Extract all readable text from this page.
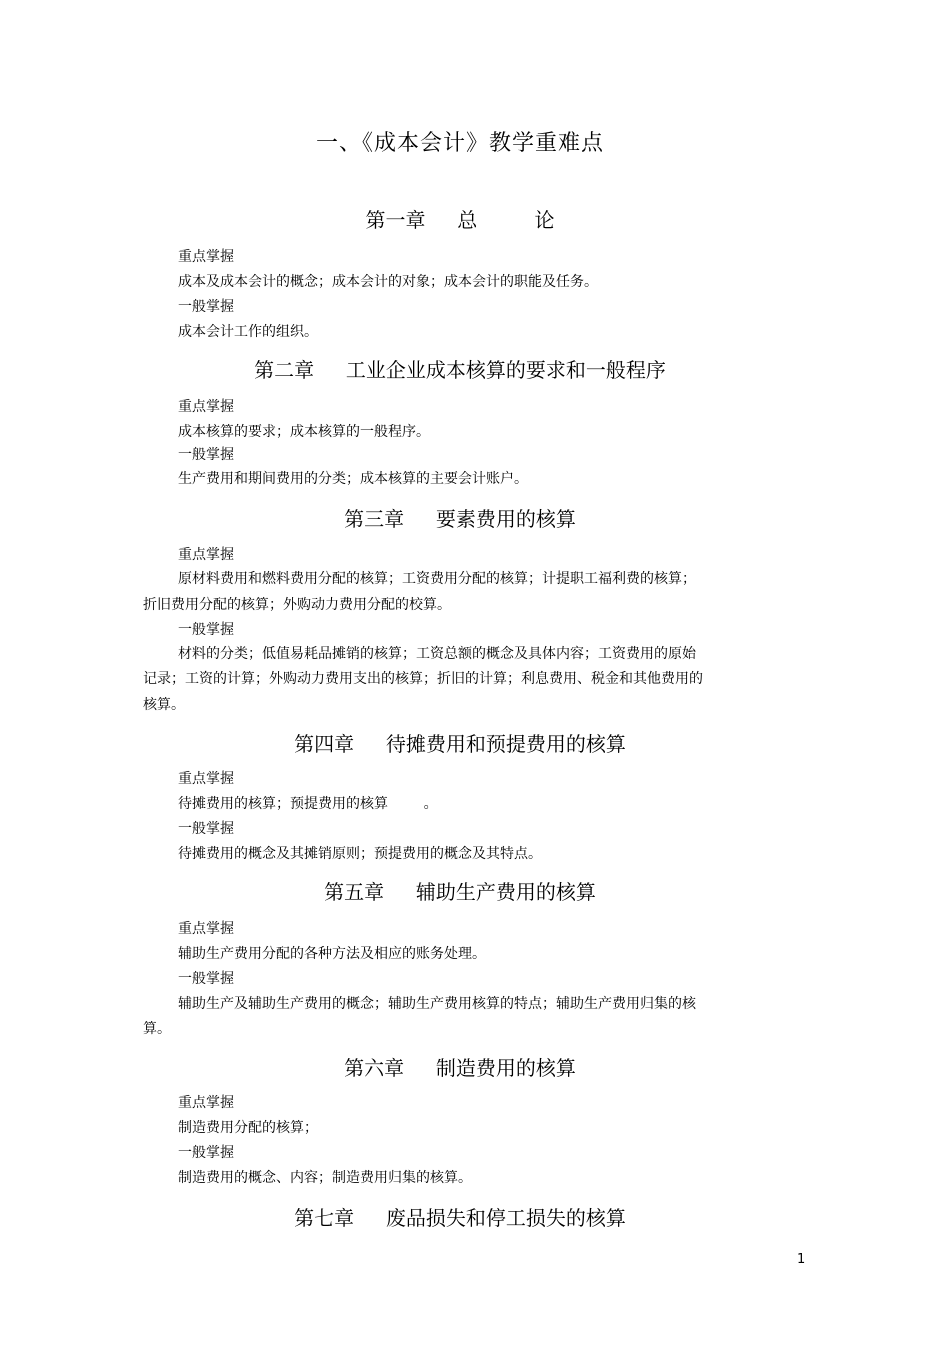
一、《成本会计》教学重难点
第一章     总         论

重点掌握

成本及成本会计的概念；成本会计的对象；成本会计的职能及任务。

一般掌握

成本会计工作的组织。

第二章     工业企业成本核算的要求和一般程序

重点掌握

成本核算的要求；成本核算的一般程序。

一般掌握

生产费用和期间费用的分类；成本核算的主要会计账户。

第三章     要素费用的核算

重点掌握

原材料费用和燃料费用分配的核算；工资费用分配的核算；计提职工福利费的核算；

折旧费用分配的核算；外购动力费用分配的校算。

一般掌握

材料的分类；低值易耗品摊销的核算；工资总额的概念及具体内容；工资费用的原始

记录；工资的计算；外购动力费用支出的核算；折旧的计算；利息费用、税金和其他费用的

核算。

第四章     待摊费用和预提费用的核算

重点掌握

待摊费用的核算；预提费用的核算        。

一般掌握

待摊费用的概念及其摊销原则；预提费用的概念及其特点。

第五章     辅助生产费用的核算

重点掌握

辅助生产费用分配的各种方法及相应的账务处理。

一般掌握

辅助生产及辅助生产费用的概念；辅助生产费用核算的特点；辅助生产费用归集的核

算。

第六章     制造费用的核算

重点掌握

制造费用分配的核算；

一般掌握

制造费用的概念、内容；制造费用归集的核算。

第七章     废品损失和停工损失的核算
1
